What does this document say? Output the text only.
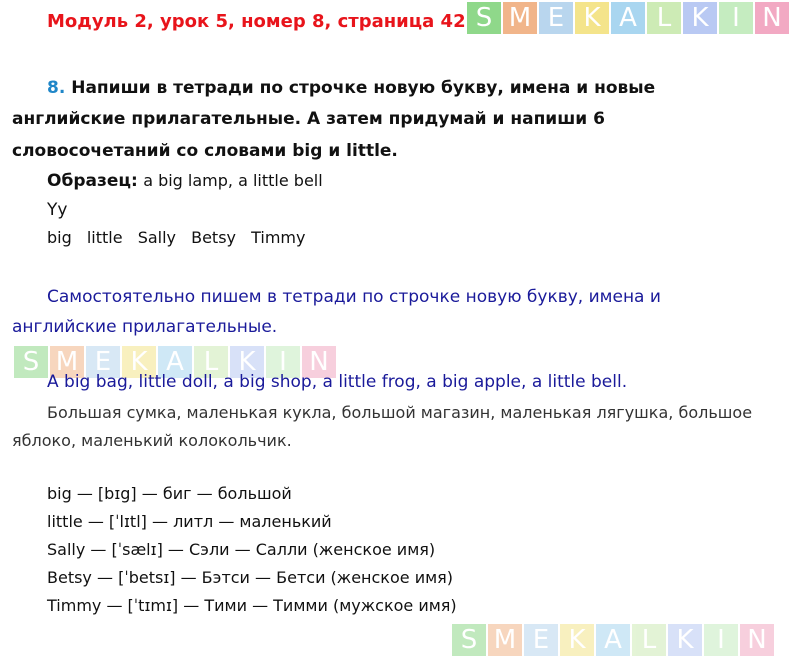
Модуль 2, урок 5, номер 8, страница 42 S M E K A L K I N
8. Напиши в тетради по строчке новую букву, имена и новые
английские прилагательные. А затем придумай и напиши 6
словосочетаний со словами big и little.
Образец: a big lamp, a little bell
Yy
big little Sally Betsy Timmy
Самостоятельно пишем в тетради по строчке новую букву, имена и
английские прилагательные.
S M E K A L K I N
A big bag, little doll, a big shop, a little frog, a big apple, a little bell.
Большая сумка, маленькая кукла, большой магазин, маленькая лягушка, большое
яблоко, маленький колокольчик.
big — [bɪg] — биг — большой
little — [ˈlɪtl] — литл — маленький
Sally — [ˈsælɪ] — Сэли — Салли (женское имя)
Betsy — [ˈbetsɪ] — Бэтси — Бетси (женское имя)
Timmy — [ˈtɪmɪ] — Тими — Тимми (мужское имя)
S M E K A L K I N
